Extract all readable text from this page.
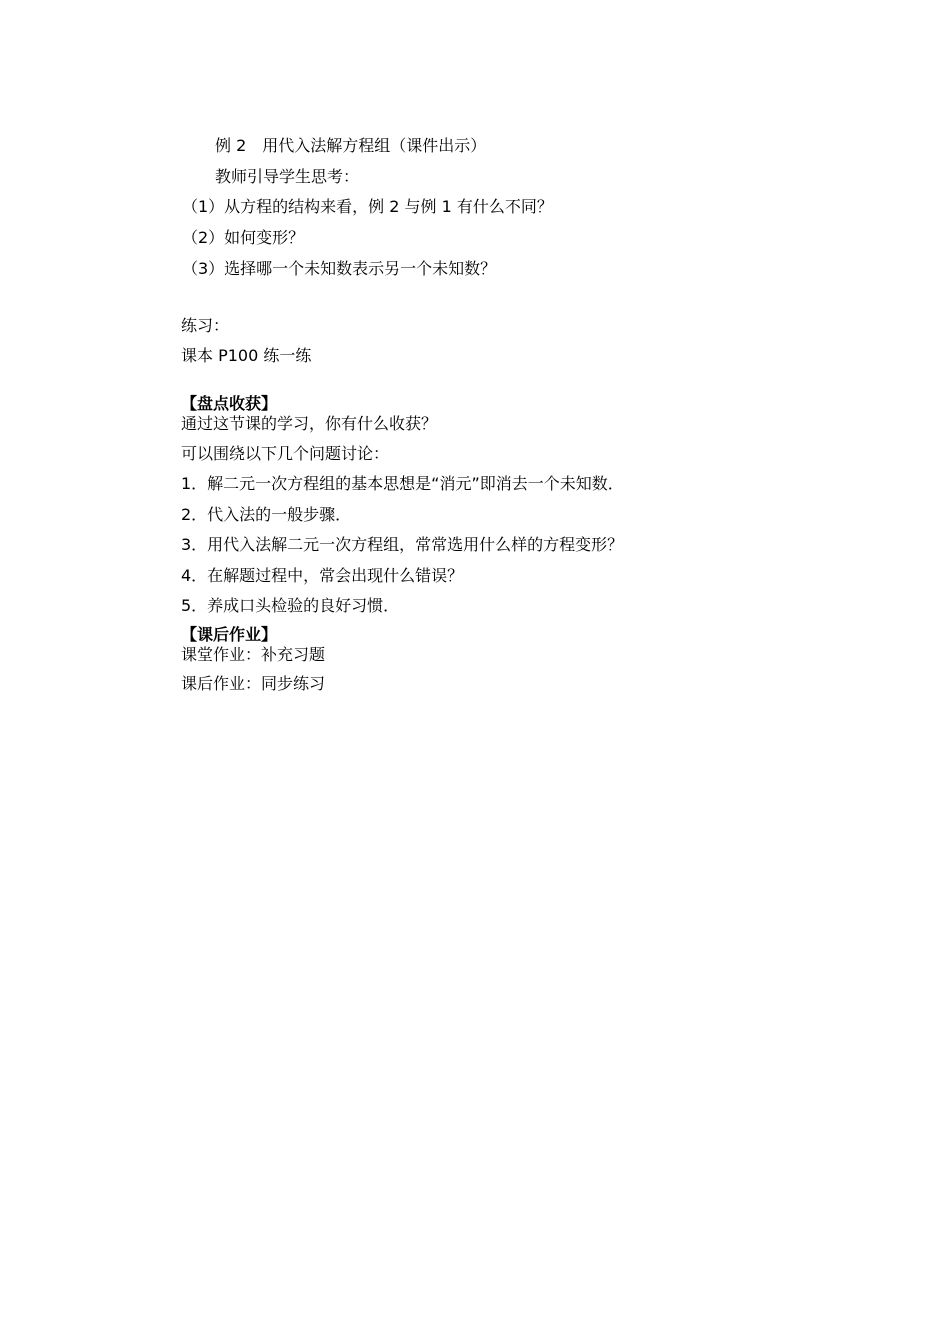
例 2　用代入法解方程组（课件出示）
教师引导学生思考：
（1）从方程的结构来看，例 2 与例 1 有什么不同？
（2）如何变形？
（3）选择哪一个未知数表示另一个未知数？
练习：
课本 P100 练一练
【盘点收获】
通过这节课的学习，你有什么收获？
可以围绕以下几个问题讨论：
1．解二元一次方程组的基本思想是“消元”即消去一个未知数．
2．代入法的一般步骤．
3．用代入法解二元一次方程组，常常选用什么样的方程变形？
4．在解题过程中，常会出现什么错误？
5．养成口头检验的良好习惯．
【课后作业】
课堂作业：补充习题
课后作业：同步练习
